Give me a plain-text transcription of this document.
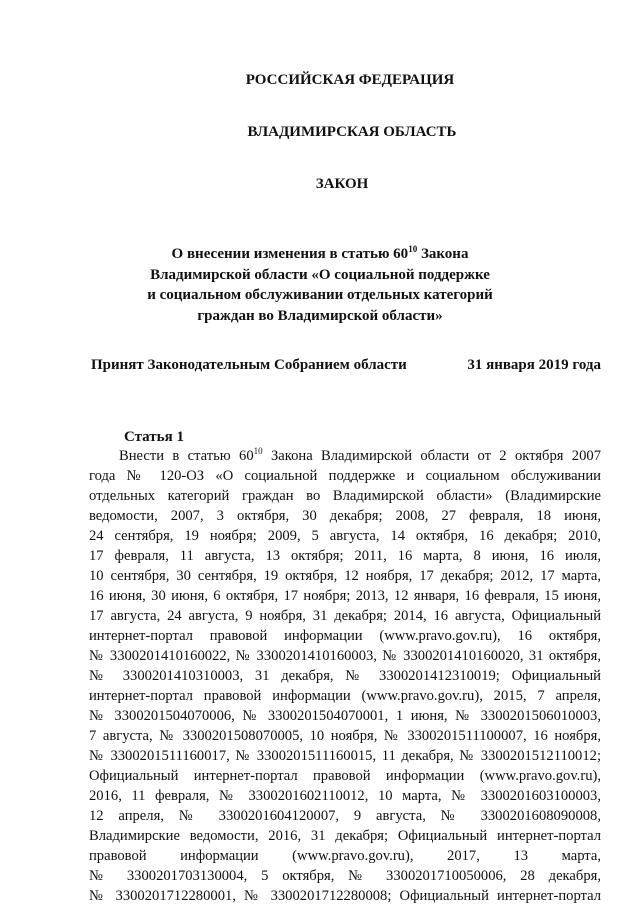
РОССИЙСКАЯ ФЕДЕРАЦИЯ
ВЛАДИМИРСКАЯ ОБЛАСТЬ
ЗАКОН
О внесении изменения в статью $60^{10}$ Закона
Владимирской области «О социальной поддержке
и социальном обслуживании отдельных категорий
граждан во Владимирской области»
Принят Законодательным Собранием области	31 января 2019 года
Статья 1
Внести в статью $60^{10}$ Закона Владимирской области от 2 октября 2007
года № 120-ОЗ «О социальной поддержке и социальном обслуживании
отдельных категорий граждан во Владимирской области» (Владимирские
ведомости, 2007, 3 октября, 30 декабря; 2008, 27 февраля, 18 июня,
24 сентября, 19 ноября; 2009, 5 августа, 14 октября, 16 декабря; 2010,
17 февраля, 11 августа, 13 октября; 2011, 16 марта, 8 июня, 16 июля,
10 сентября, 30 сентября, 19 октября, 12 ноября, 17 декабря; 2012, 17 марта,
16 июня, 30 июня, 6 октября, 17 ноября; 2013, 12 января, 16 февраля, 15 июня,
17 августа, 24 августа, 9 ноября, 31 декабря; 2014, 16 августа, Официальный
интернет-портал правовой информации (www.pravo.gov.ru), 16 октября,
№ 3300201410160022, № 3300201410160003, № 3300201410160020, 31 октября,
№ 3300201410310003, 31 декабря, № 3300201412310019; Официальный
интернет-портал правовой информации (www.pravo.gov.ru), 2015, 7 апреля,
№ 3300201504070006, № 3300201504070001, 1 июня, № 3300201506010003,
7 августа, № 3300201508070005, 10 ноября, № 3300201511100007, 16 ноября,
№ 3300201511160017, № 3300201511160015, 11 декабря, № 3300201512110012;
Официальный интернет-портал правовой информации (www.pravo.gov.ru),
2016, 11 февраля, № 3300201602110012, 10 марта, № 3300201603100003,
12 апреля, № 3300201604120007, 9 августа, № 3300201608090008,
Владимирские ведомости, 2016, 31 декабря; Официальный интернет-портал
правовой информации (www.pravo.gov.ru), 2017, 13 марта,
№ 3300201703130004, 5 октября, № 3300201710050006, 28 декабря,
№ 3300201712280001, № 3300201712280008; Официальный интернет-портал
